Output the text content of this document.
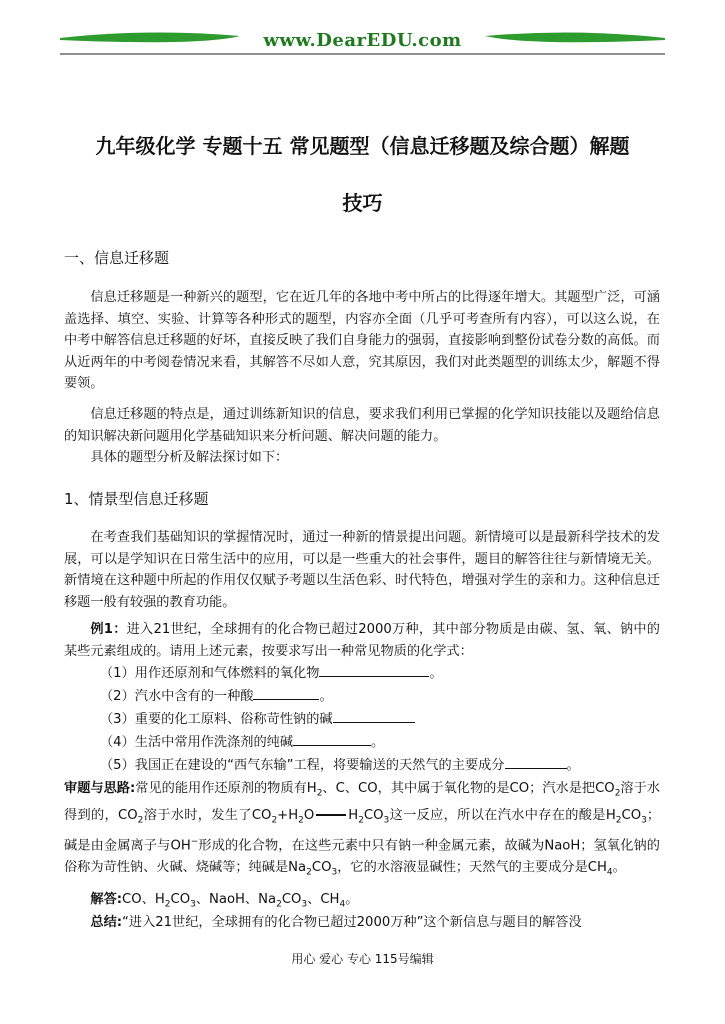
www.DearEDU.com
九年级化学 专题十五 常见题型（信息迁移题及综合题）解题
技巧
一、信息迁移题
信息迁移题是一种新兴的题型，它在近几年的各地中考中所占的比得逐年增大。其题型广泛，可涵盖选择、填空、实验、计算等各种形式的题型，内容亦全面（几乎可考查所有内容），可以这么说，在中考中解答信息迁移题的好坏，直接反映了我们自身能力的强弱，直接影响到整份试卷分数的高低。而从近两年的中考阅卷情况来看，其解答不尽如人意，究其原因，我们对此类题型的训练太少，解题不得要领。
信息迁移题的特点是，通过训练新知识的信息，要求我们利用已掌握的化学知识技能以及题给信息的知识解决新问题用化学基础知识来分析问题、解决问题的能力。
具体的题型分析及解法探讨如下：
1、情景型信息迁移题
在考查我们基础知识的掌握情况时，通过一种新的情景提出问题。新情境可以是最新科学技术的发展，可以是学知识在日常生活中的应用，可以是一些重大的社会事件，题目的解答往往与新情境无关。新情境在这种题中所起的作用仅仅赋予考题以生活色彩、时代特色，增强对学生的亲和力。这种信息迁移题一般有较强的教育功能。
例1：进入21世纪，全球拥有的化合物已超过2000万种，其中部分物质是由碳、氢、氧、钠中的某些元素组成的。请用上述元素，按要求写出一种常见物质的化学式：
（1）用作还原剂和气体燃料的氧化物	。
（2）汽水中含有的一种酸	。
（3）重要的化工原料、俗称苛性钠的碱
（4）生活中常用作洗涤剂的纯碱	。
（5）我国正在建设的“西气东输”工程，将要输送的天然气的主要成分	。
审题与思路:常见的能用作还原剂的物质有$H_2$、C、CO，其中属于氧化物的是CO；汽水是把$CO_2$溶于水得到的，$CO_2$溶于水时，发生了$CO_2+H_2O$	$H_2CO_3$这一反应，所以在汽水中存在的酸是$H_2CO_3$；碱是由金属离子与OH−形成的化合物，在这些元素中只有钠一种金属元素，故碱为NaoH；氢氧化钠的俗称为苛性钠、火碱、烧碱等；纯碱是$Na_2CO_3$，它的水溶液显碱性；天然气的主要成分是$CH_4$。
解答:CO、$H_2CO_3$、NaoH、$Na_2CO_3$、$CH_4$。
总结:“进入21世纪，全球拥有的化合物已超过2000万种”这个新信息与题目的解答没
用心 爱心 专心 115号编辑
